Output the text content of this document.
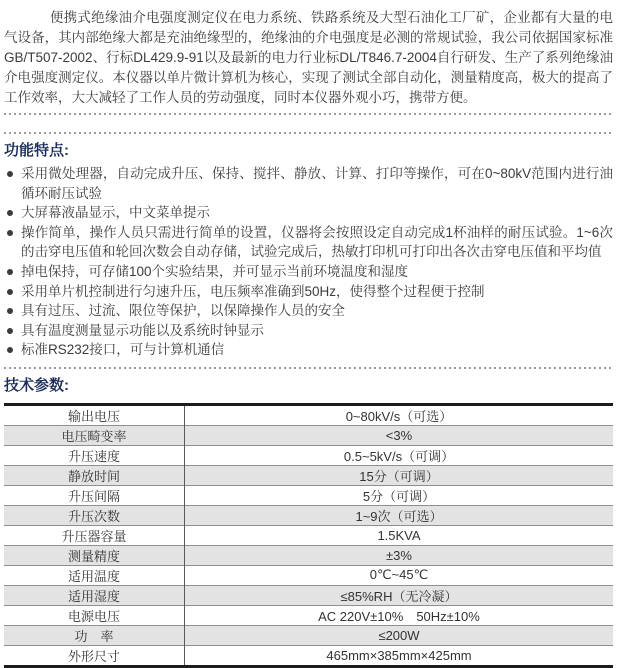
便携式绝缘油介电强度测定仪在电力系统、铁路系统及大型石油化工厂矿，企业都有大量的电气设备，其内部绝缘大都是充油绝缘型的，绝缘油的介电强度是必测的常规试验，我公司依据国家标准GB/T507-2002、行标DL429.9-91以及最新的电力行业标DL/T846.7-2004自行研发、生产了系列绝缘油介电强度测定仪。本仪器以单片微计算机为核心，实现了测试全部自动化，测量精度高，极大的提高了工作效率，大大减轻了工作人员的劳动强度，同时本仪器外观小巧，携带方便。

功能特点:
采用微处理器，自动完成升压、保持、搅拌、静放、计算、打印等操作，可在0~80kV范围内进行油循环耐压试验
大屏幕液晶显示，中文菜单提示
操作简单，操作人员只需进行简单的设置，仪器将会按照设定自动完成1杯油样的耐压试验。1~6次的击穿电压值和轮回次数会自动存储，试验完成后，热敏打印机可打印出各次击穿电压值和平均值
掉电保持，可存储100个实验结果，并可显示当前环境温度和湿度
采用单片机控制进行匀速升压，电压频率准确到50Hz，使得整个过程便于控制
具有过压、过流、限位等保护，以保障操作人员的安全
具有温度测量显示功能以及系统时钟显示
标准RS232接口，可与计算机通信
技术参数:
输出电压	0~80kV/s（可选）
电压畸变率	<3%
升压速度	0.5~5kV/s（可调）
静放时间	15分（可调）
升压间隔	5分（可调）
升压次数	1~9次（可选）
升压器容量	1.5KVA
测量精度	±3%
适用温度	0℃~45℃
适用湿度	≤85%RH（无冷凝）
电源电压	AC 220V±10%　50Hz±10%
功　率	≤200W
外形尺寸	465mm×385mm×425mm
